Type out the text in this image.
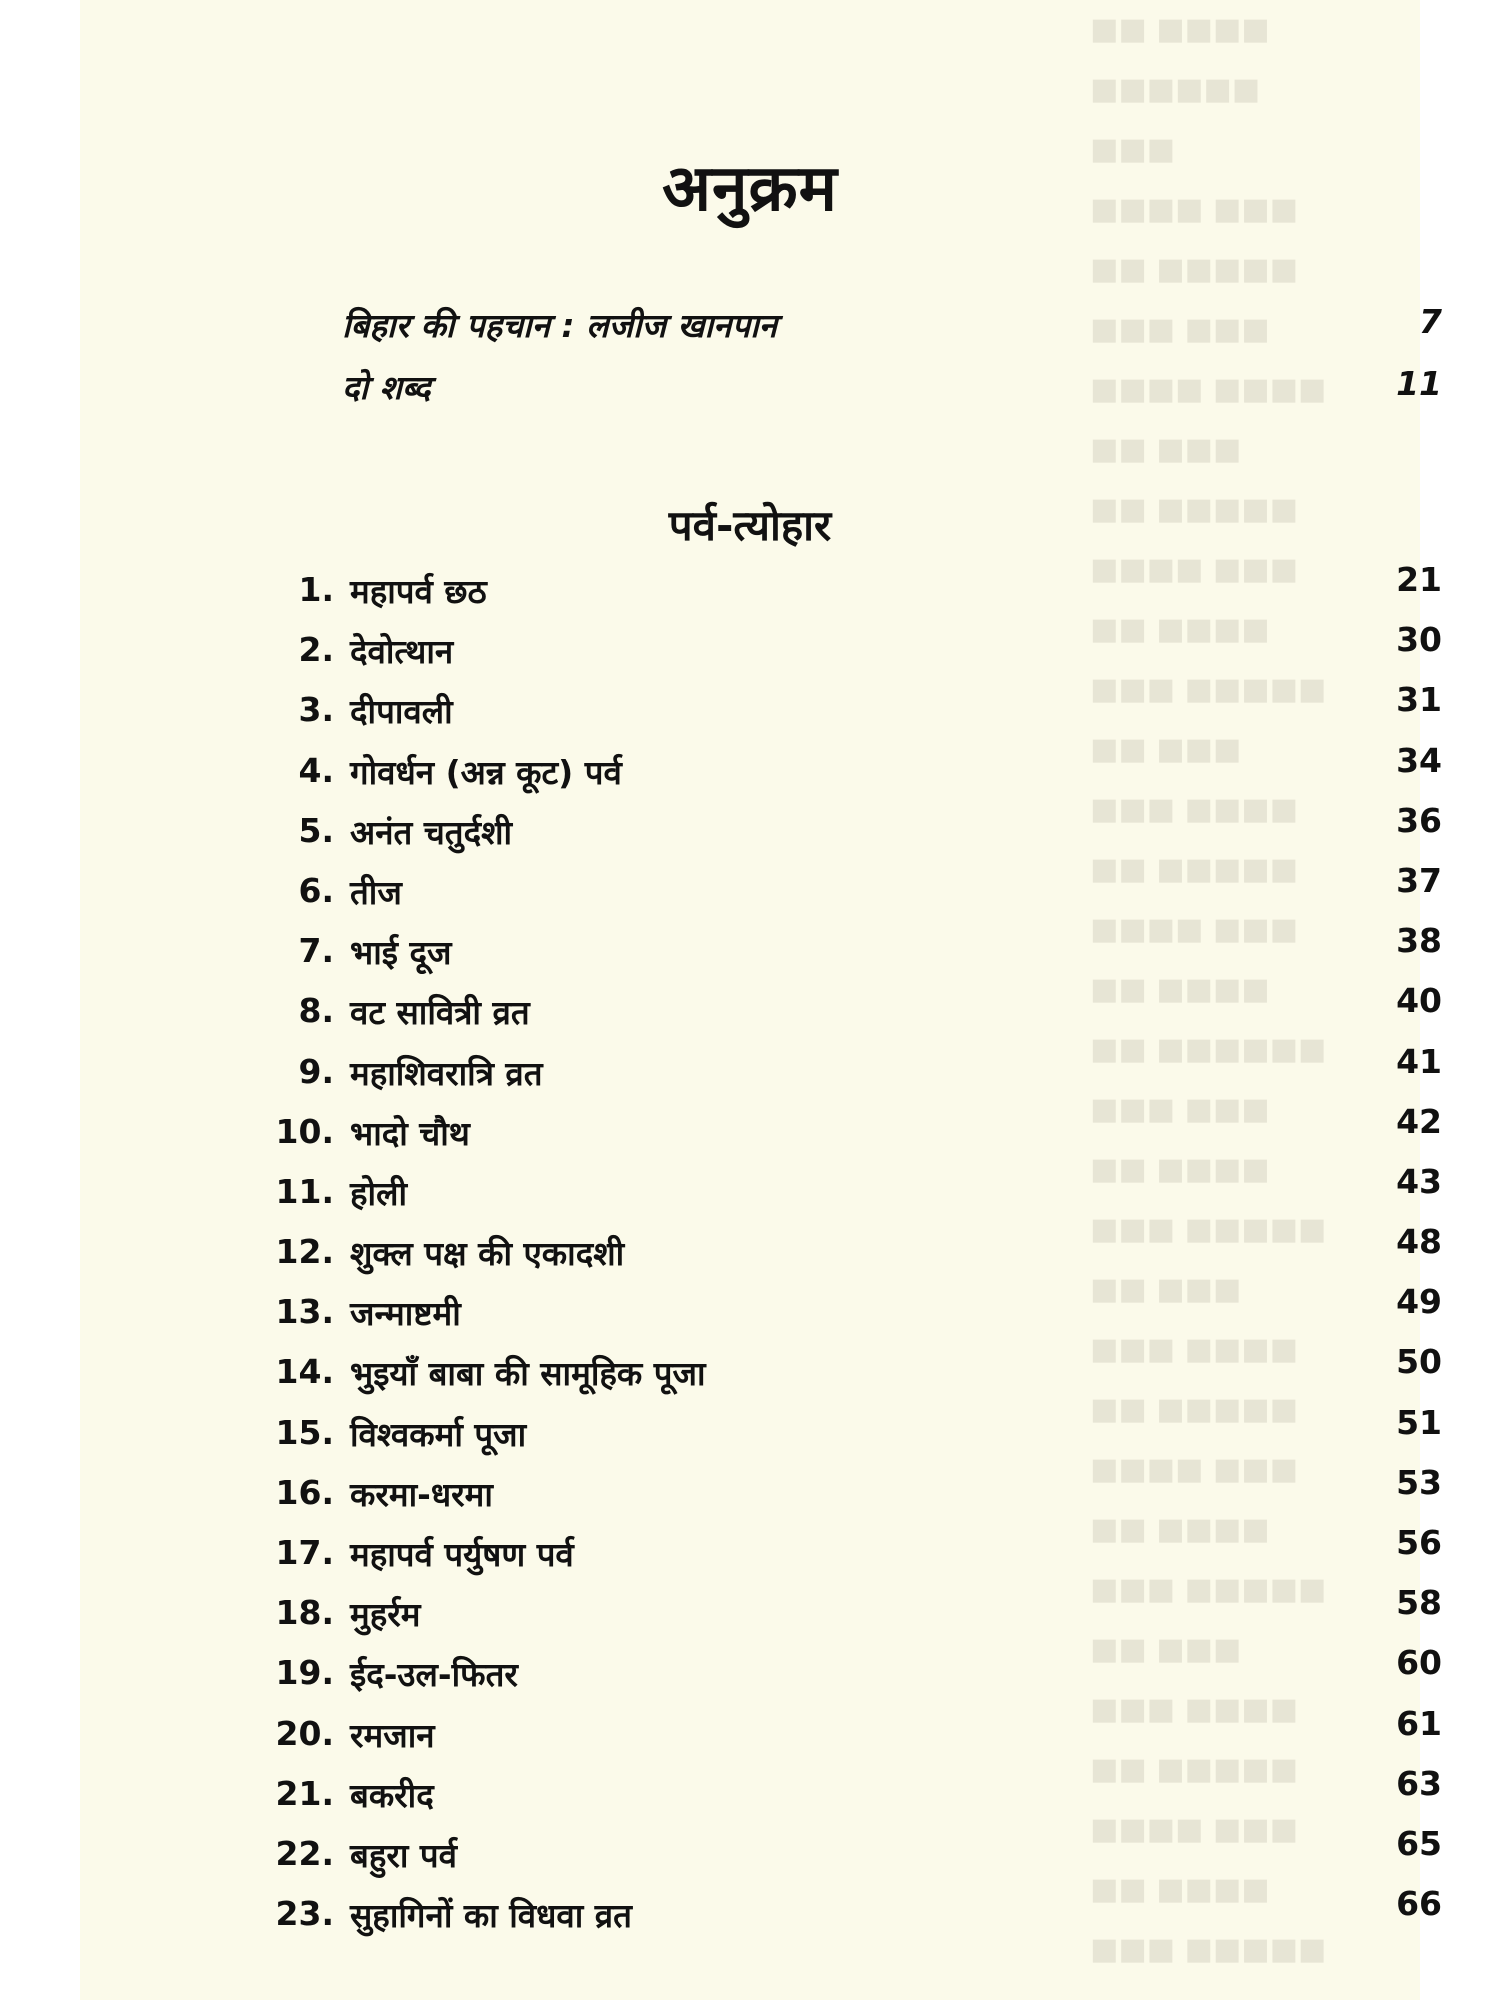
■■■■ ■■
■■■■■■ ■■■
■■■ ■■■■
■■■■■ ■■
■■■ ■■■
■■■■ ■■■■
■■■ ■■
■■■■■ ■■
■■■ ■■■■
■■■■ ■■
■■■■■ ■■■
■■■ ■■
■■■■ ■■■
■■■■■ ■■
■■■ ■■■■
■■■■ ■■
■■■■■■ ■■
■■■ ■■■
■■■■ ■■
■■■■■ ■■■
■■■ ■■
■■■■ ■■■
■■■■■ ■■
■■■ ■■■■
■■■■ ■■
■■■■■ ■■■
■■■ ■■
■■■■ ■■■
■■■■■ ■■
■■■ ■■■■
■■■■ ■■
■■■■■ ■■■
अनुक्रम
बिहार की पहचान : लजीज खानपान	7
दो शब्द	11
पर्व-त्योहार
1. महापर्व छठ	21
2. देवोत्थान	30
3. दीपावली	31
4. गोवर्धन (अन्न कूट) पर्व	34
5. अनंत चतुर्दशी	36
6. तीज	37
7. भाई दूज	38
8. वट सावित्री व्रत	40
9. महाशिवरात्रि व्रत	41
10. भादो चौथ	42
11. होली	43
12. शुक्ल पक्ष की एकादशी	48
13. जन्माष्टमी	49
14. भुइयाँ बाबा की सामूहिक पूजा	50
15. विश्वकर्मा पूजा	51
16. करमा-धरमा	53
17. महापर्व पर्युषण पर्व	56
18. मुहर्रम	58
19. ईद-उल-फितर	60
20. रमजान	61
21. बकरीद	63
22. बहुरा पर्व	65
23. सुहागिनों का विधवा व्रत	66
